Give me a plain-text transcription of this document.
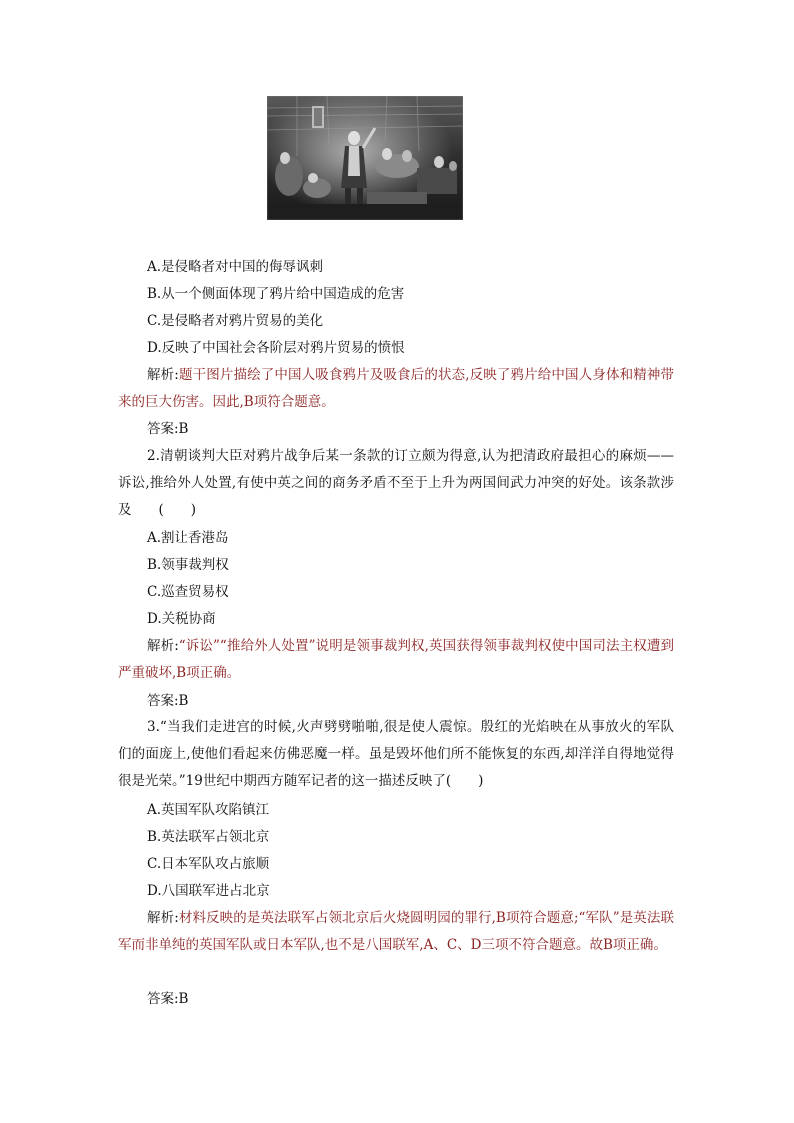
A.是侵略者对中国的侮辱讽刺
B.从一个侧面体现了鸦片给中国造成的危害
C.是侵略者对鸦片贸易的美化
D.反映了中国社会各阶层对鸦片贸易的愤恨
解析:题干图片描绘了中国人吸食鸦片及吸食后的状态,反映了鸦片给中国人身体和精神带来的巨大伤害。因此,B项符合题意。
答案:B
2.清朝谈判大臣对鸦片战争后某一条款的订立颇为得意,认为把清政府最担心的麻烦——诉讼,推给外人处置,有使中英之间的商务矛盾不至于上升为两国间武力冲突的好处。该条款涉及　　(　　)
A.割让香港岛
B.领事裁判权
C.巡查贸易权
D.关税协商
解析:“诉讼”“推给外人处置”说明是领事裁判权,英国获得领事裁判权使中国司法主权遭到严重破坏,B项正确。
答案:B
3.“当我们走进宫的时候,火声劈劈啪啪,很是使人震惊。殷红的光焰映在从事放火的军队们的面庞上,使他们看起来仿佛恶魔一样。虽是毁坏他们所不能恢复的东西,却洋洋自得地觉得很是光荣。”19世纪中期西方随军记者的这一描述反映了(　　)
A.英国军队攻陷镇江
B.英法联军占领北京
C.日本军队攻占旅顺
D.八国联军进占北京
解析:材料反映的是英法联军占领北京后火烧圆明园的罪行,B项符合题意;“军队”是英法联军而非单纯的英国军队或日本军队,也不是八国联军,A、C、D三项不符合题意。故B项正确。
答案:B
